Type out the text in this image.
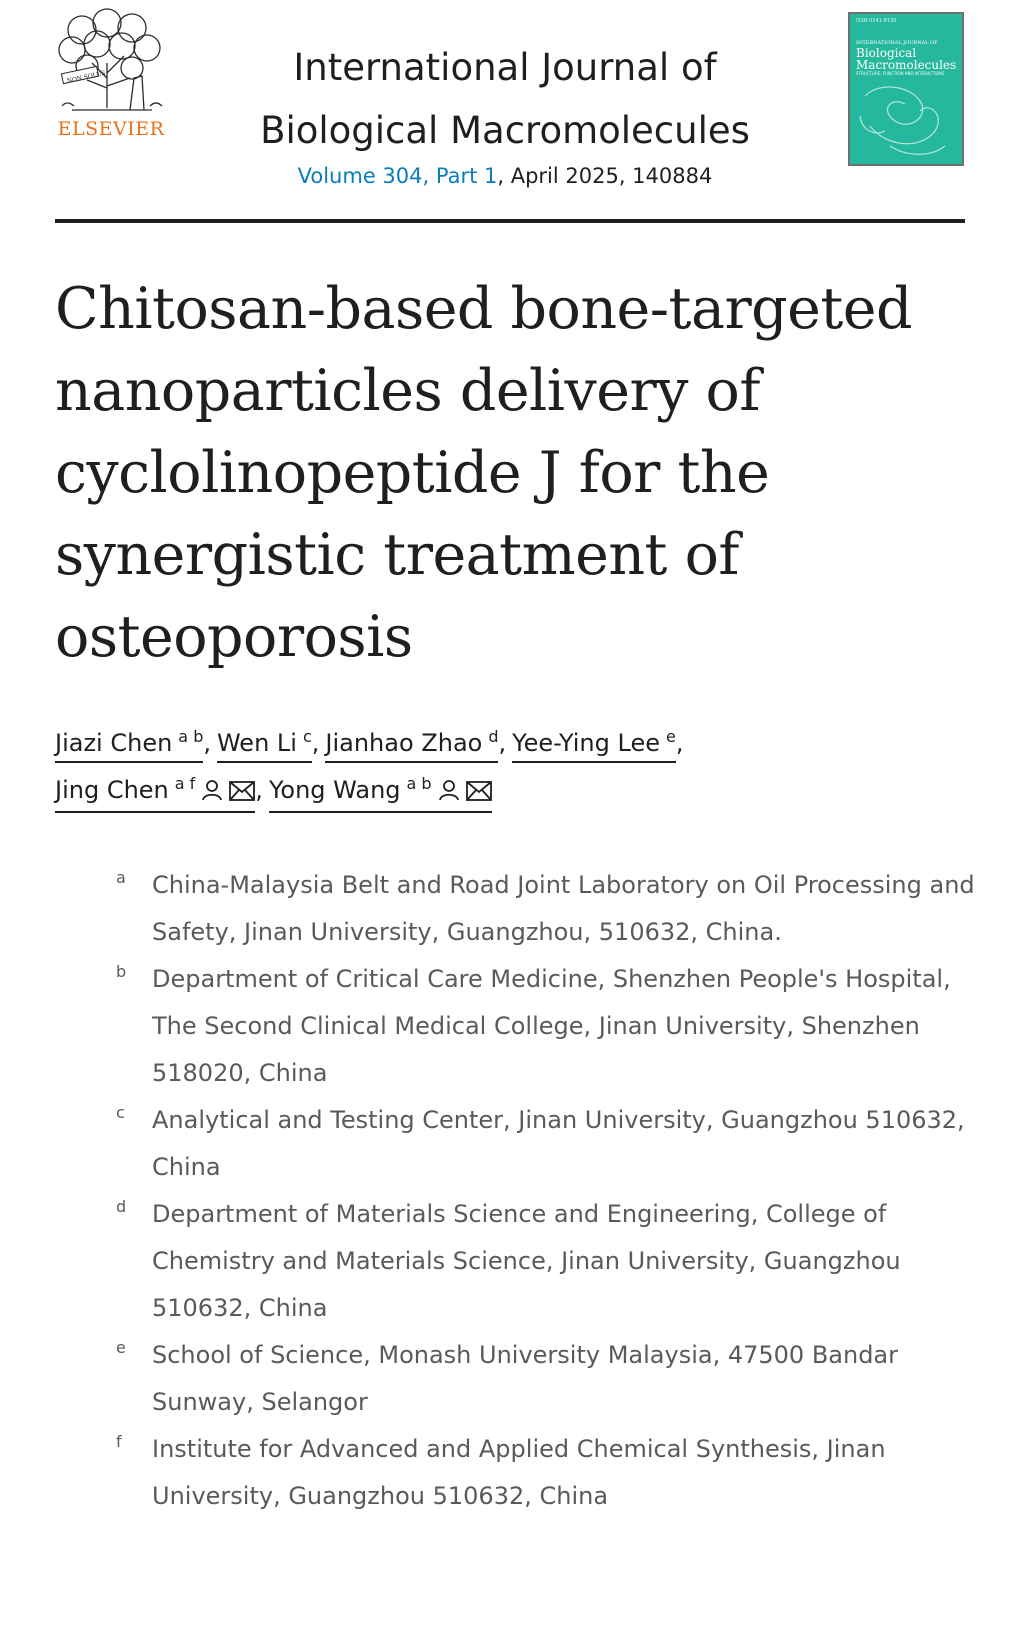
NON SOLUS
ELSEVIER
International Journal of
Biological Macromolecules
Volume 304, Part 1, April 2025, 140884
ISSN 0141-8130
INTERNATIONAL JOURNAL OF
Biological Macromolecules
STRUCTURE, FUNCTION AND INTERACTIONS
Chitosan-based bone-targeted nanoparticles delivery of cyclolinopeptide J for the synergistic treatment of osteoporosis
Jiazi Chen $^{a b}$, Wen Li $^c$, Jianhao Zhao $^d$, Yee-Ying Lee $^e$,
Jing Chen $^{a f}$	, Yong Wang $^{a b}$
a China-Malaysia Belt and Road Joint Laboratory on Oil Processing and Safety, Jinan University, Guangzhou, 510632, China.
b Department of Critical Care Medicine, Shenzhen People's Hospital, The Second Clinical Medical College, Jinan University, Shenzhen 518020, China
c Analytical and Testing Center, Jinan University, Guangzhou 510632, China
d Department of Materials Science and Engineering, College of Chemistry and Materials Science, Jinan University, Guangzhou 510632, China
e School of Science, Monash University Malaysia, 47500 Bandar Sunway, Selangor
f Institute for Advanced and Applied Chemical Synthesis, Jinan University, Guangzhou 510632, China
